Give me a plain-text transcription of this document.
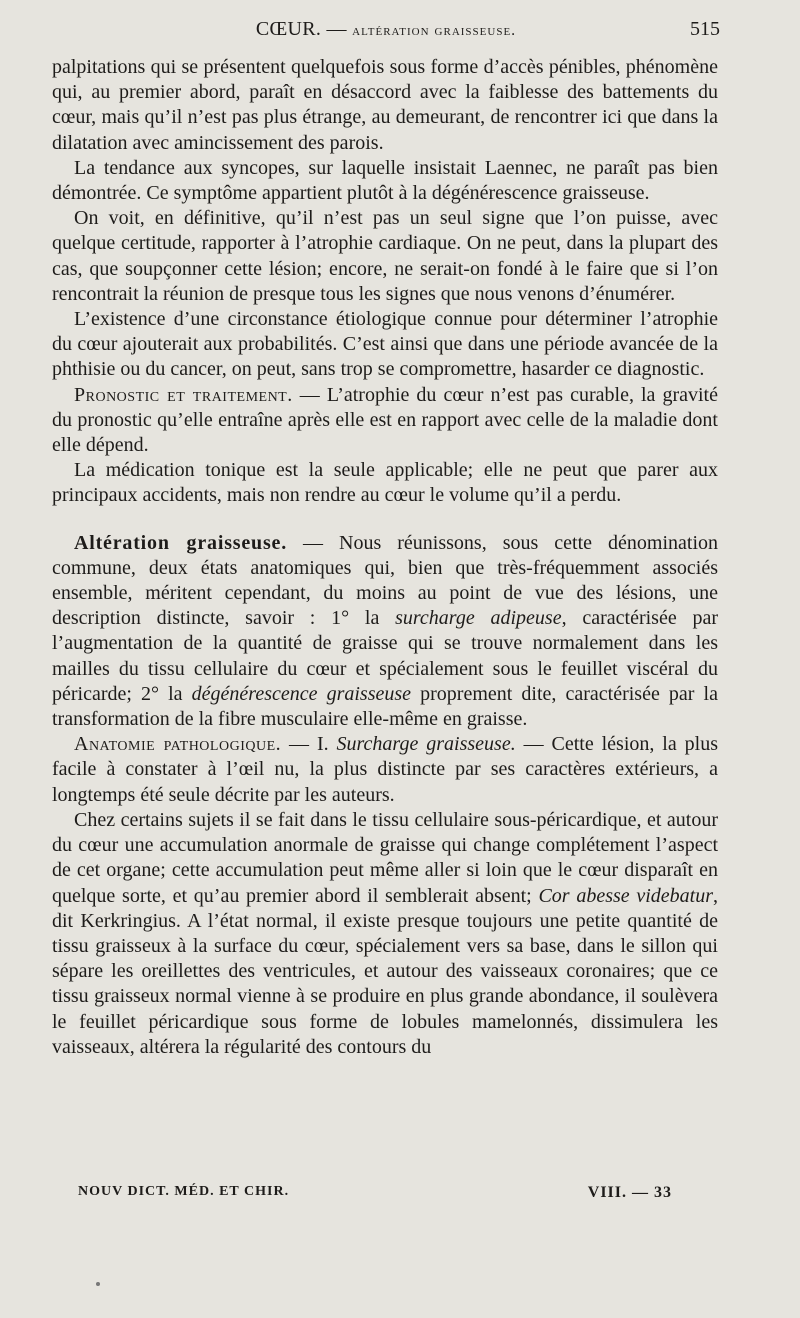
CŒUR. — altération graisseuse.	515

palpitations qui se présentent quelquefois sous forme d’accès pénibles, phénomène qui, au premier abord, paraît en désaccord avec la faiblesse des battements du cœur, mais qu’il n’est pas plus étrange, au demeurant, de rencontrer ici que dans la dilatation avec amincissement des parois.

La tendance aux syncopes, sur laquelle insistait Laennec, ne paraît pas bien démontrée. Ce symptôme appartient plutôt à la dégénérescence graisseuse.

On voit, en définitive, qu’il n’est pas un seul signe que l’on puisse, avec quelque certitude, rapporter à l’atrophie cardiaque. On ne peut, dans la plupart des cas, que soupçonner cette lésion; encore, ne serait-on fondé à le faire que si l’on rencontrait la réunion de presque tous les signes que nous venons d’énumérer.

L’existence d’une circonstance étiologique connue pour déterminer l’atrophie du cœur ajouterait aux probabilités. C’est ainsi que dans une période avancée de la phthisie ou du cancer, on peut, sans trop se compromettre, hasarder ce diagnostic.

Pronostic et traitement. — L’atrophie du cœur n’est pas curable, la gravité du pronostic qu’elle entraîne après elle est en rapport avec celle de la maladie dont elle dépend.

La médication tonique est la seule applicable; elle ne peut que parer aux principaux accidents, mais non rendre au cœur le volume qu’il a perdu.

Altération graisseuse. — Nous réunissons, sous cette dénomination commune, deux états anatomiques qui, bien que très-fréquemment associés ensemble, méritent cependant, du moins au point de vue des lésions, une description distincte, savoir : 1° la surcharge adipeuse, caractérisée par l’augmentation de la quantité de graisse qui se trouve normalement dans les mailles du tissu cellulaire du cœur et spécialement sous le feuillet viscéral du péricarde; 2° la dégénérescence graisseuse proprement dite, caractérisée par la transformation de la fibre musculaire elle-même en graisse.

Anatomie pathologique. — I. Surcharge graisseuse. — Cette lésion, la plus facile à constater à l’œil nu, la plus distincte par ses caractères extérieurs, a longtemps été seule décrite par les auteurs.

Chez certains sujets il se fait dans le tissu cellulaire sous-péricardique, et autour du cœur une accumulation anormale de graisse qui change complétement l’aspect de cet organe; cette accumulation peut même aller si loin que le cœur disparaît en quelque sorte, et qu’au premier abord il semblerait absent; Cor abesse videbatur, dit Kerkringius. A l’état normal, il existe presque toujours une petite quantité de tissu graisseux à la surface du cœur, spécialement vers sa base, dans le sillon qui sépare les oreillettes des ventricules, et autour des vaisseaux coronaires; que ce tissu graisseux normal vienne à se produire en plus grande abondance, il soulèvera le feuillet péricardique sous forme de lobules mamelonnés, dissimulera les vaisseaux, altérera la régularité des contours du

NOUV DICT. MÉD. ET CHIR.	VIII. — 33
